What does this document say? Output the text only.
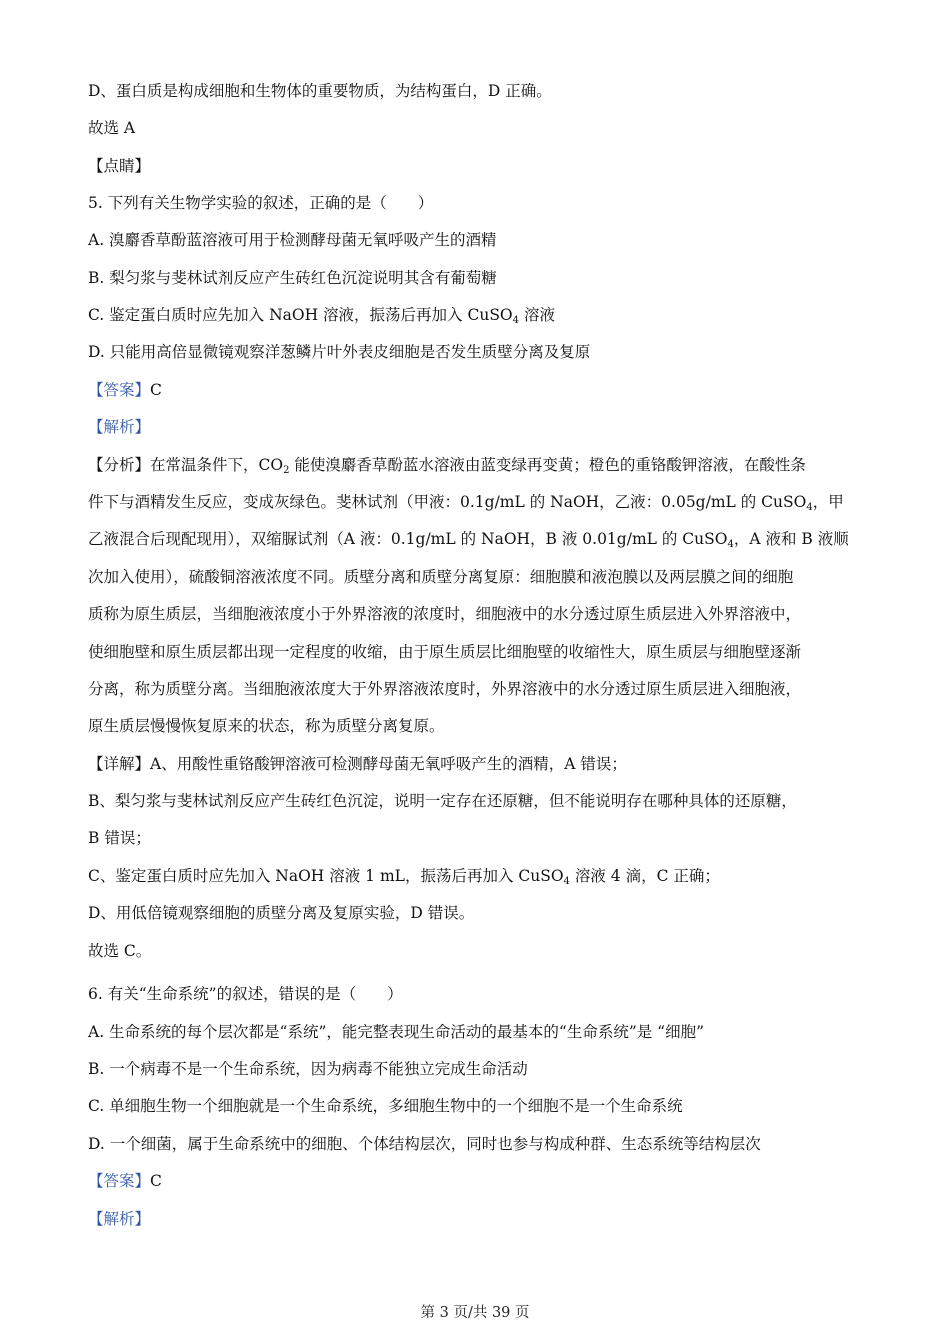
D、蛋白质是构成细胞和生物体的重要物质，为结构蛋白，D 正确。
故选 A
【点睛】
5. 下列有关生物学实验的叙述，正确的是（　　）
A. 溴麝香草酚蓝溶液可用于检测酵母菌无氧呼吸产生的酒精
B. 梨匀浆与斐林试剂反应产生砖红色沉淀说明其含有葡萄糖
C. 鉴定蛋白质时应先加入 NaOH 溶液，振荡后再加入 CuSO$_4$ 溶液
D. 只能用高倍显微镜观察洋葱鳞片叶外表皮细胞是否发生质壁分离及复原
【答案】C
【解析】
【分析】在常温条件下，$CO_2$ 能使溴麝香草酚蓝水溶液由蓝变绿再变黄；橙色的重铬酸钾溶液，在酸性条
件下与酒精发生反应，变成灰绿色。斐林试剂（甲液：0.1g/mL 的 NaOH，乙液：0.05g/mL 的 CuSO$_4$，甲
乙液混合后现配现用），双缩脲试剂（A 液：0.1g/mL 的 NaOH，B 液 0.01g/mL 的 CuSO$_4$，A 液和 B 液顺
次加入使用），硫酸铜溶液浓度不同。质壁分离和质壁分离复原：细胞膜和液泡膜以及两层膜之间的细胞
质称为原生质层，当细胞液浓度小于外界溶液的浓度时，细胞液中的水分透过原生质层进入外界溶液中，
使细胞壁和原生质层都出现一定程度的收缩，由于原生质层比细胞壁的收缩性大，原生质层与细胞壁逐渐
分离，称为质壁分离。当细胞液浓度大于外界溶液浓度时，外界溶液中的水分透过原生质层进入细胞液，
原生质层慢慢恢复原来的状态，称为质壁分离复原。
【详解】A、用酸性重铬酸钾溶液可检测酵母菌无氧呼吸产生的酒精，A 错误；
B、梨匀浆与斐林试剂反应产生砖红色沉淀，说明一定存在还原糖，但不能说明存在哪种具体的还原糖，
B 错误；
C、鉴定蛋白质时应先加入 NaOH 溶液 1 mL，振荡后再加入 CuSO$_4$ 溶液 4 滴，C 正确；
D、用低倍镜观察细胞的质壁分离及复原实验，D 错误。
故选 C。
6. 有关“生命系统”的叙述，错误的是（　　）
A. 生命系统的每个层次都是“系统”，能完整表现生命活动的最基本的“生命系统”是 “细胞”
B. 一个病毒不是一个生命系统，因为病毒不能独立完成生命活动
C. 单细胞生物一个细胞就是一个生命系统，多细胞生物中的一个细胞不是一个生命系统
D. 一个细菌，属于生命系统中的细胞、个体结构层次，同时也参与构成种群、生态系统等结构层次
【答案】C
【解析】
第 3 页/共 39 页
